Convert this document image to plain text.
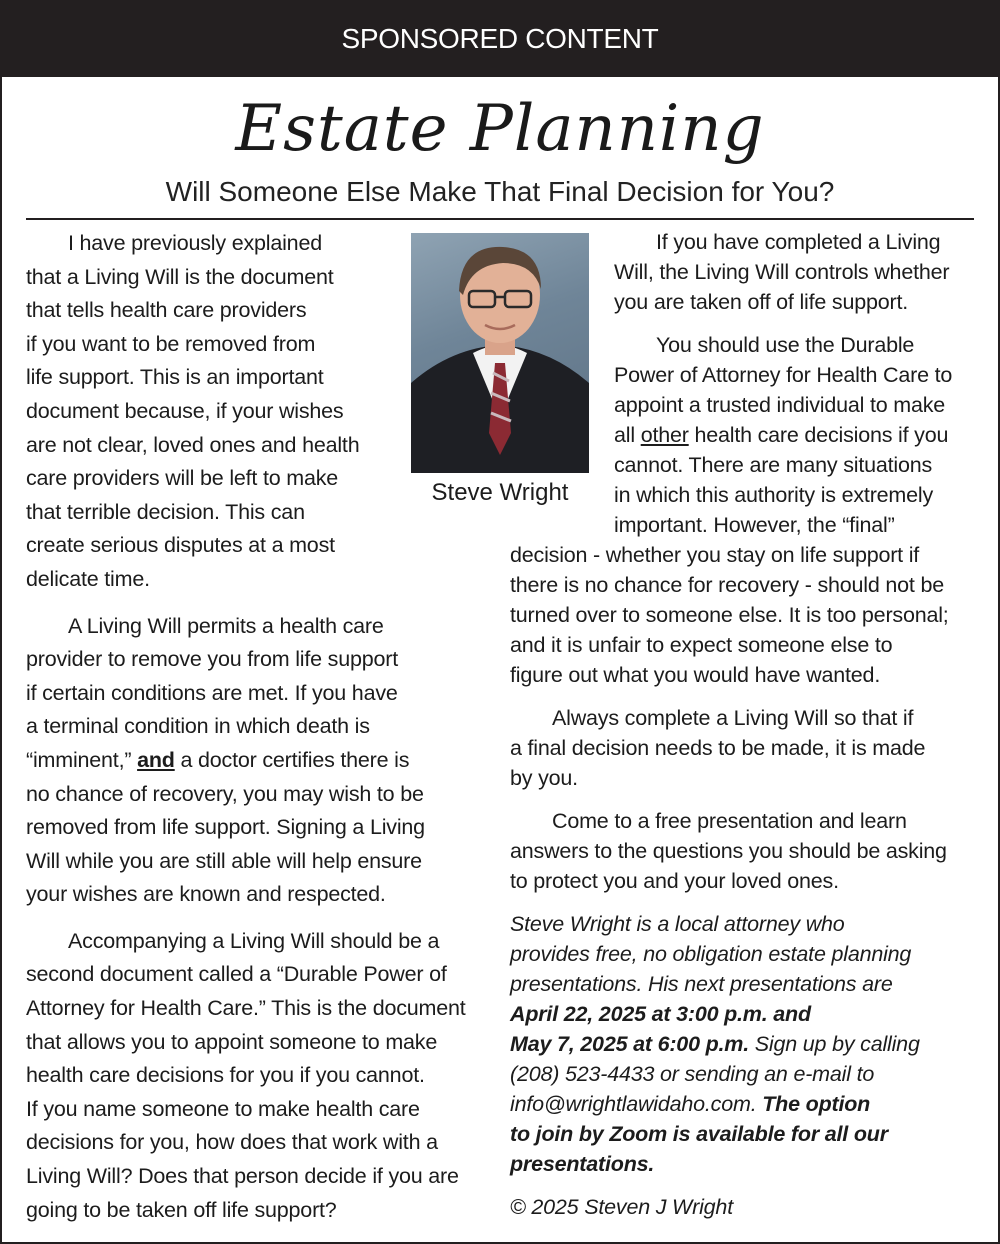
SPONSORED CONTENT
Estate Planning
Will Someone Else Make That Final Decision for You?
Steve Wright

I have previously explained
that a Living Will is the document
that tells health care providers
if you want to be removed from
life support. This is an important
document because, if your wishes
are not clear, loved ones and health
care providers will be left to make
that terrible decision. This can
create serious disputes at a most
delicate time.

A Living Will permits a health care
provider to remove you from life support
if certain conditions are met. If you have
a terminal condition in which death is
“imminent,” and a doctor certifies there is
no chance of recovery, you may wish to be
removed from life support. Signing a Living
Will while you are still able will help ensure
your wishes are known and respected.

Accompanying a Living Will should be a
second document called a “Durable Power of
Attorney for Health Care.” This is the document
that allows you to appoint someone to make
health care decisions for you if you cannot.
If you name someone to make health care
decisions for you, how does that work with a
Living Will? Does that person decide if you are
going to be taken off life support?

If you have completed a Living
Will, the Living Will controls whether
you are taken off of life support.

You should use the Durable
Power of Attorney for Health Care to
appoint a trusted individual to make
all other health care decisions if you
cannot. There are many situations
in which this authority is extremely
important. However, the “final”

decision - whether you stay on life support if
there is no chance for recovery - should not be
turned over to someone else. It is too personal;
and it is unfair to expect someone else to
figure out what you would have wanted.

Always complete a Living Will so that if
a final decision needs to be made, it is made
by you.

Come to a free presentation and learn
answers to the questions you should be asking
to protect you and your loved ones.

Steve Wright is a local attorney who
provides free, no obligation estate planning
presentations. His next presentations are
April 22, 2025 at 3:00 p.m. and
May 7, 2025 at 6:00 p.m. Sign up by calling
(208) 523-4433 or sending an e-mail to
info@wrightlawidaho.com. The option
to join by Zoom is available for all our
presentations.

© 2025 Steven J Wright
